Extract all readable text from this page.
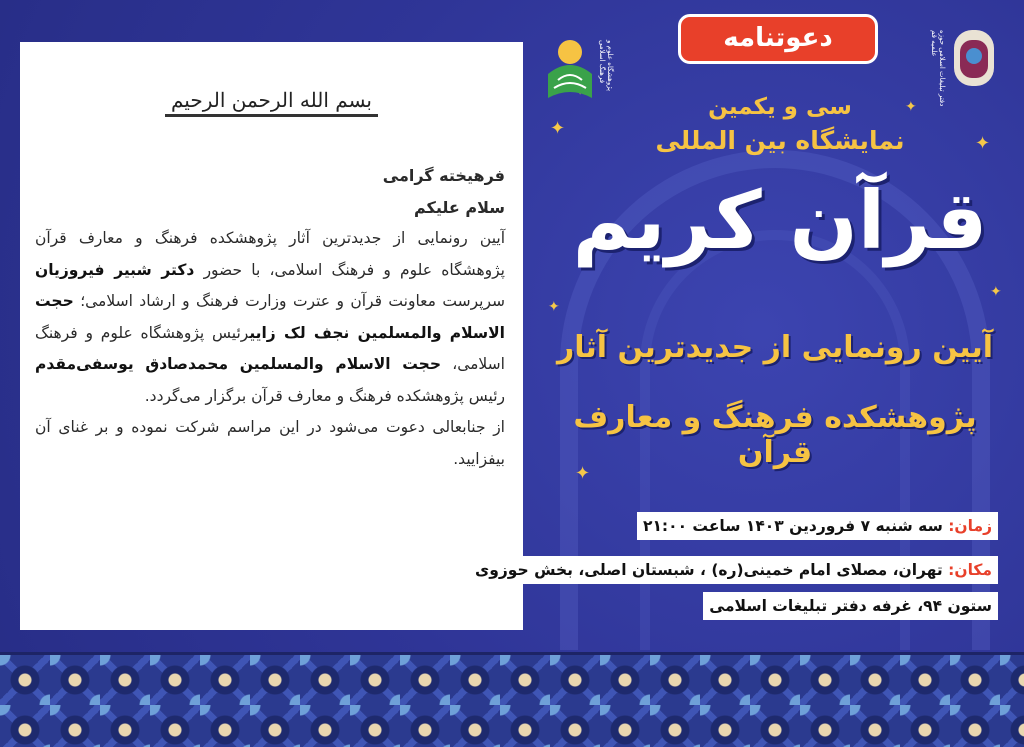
✦
✦
✦
✦
✦
✦
بسم الله الرحمن الرحیم
فرهیخته گرامی
سلام علیکم
آیین رونمایی از جدیدترین آثار پژوهشکده فرهنگ و معارف قرآن پژوهشگاه علوم و فرهنگ اسلامی، با حضور دکتر شبیر فیروزیان سرپرست معاونت قرآن و عترت وزارت فرهنگ و ارشاد اسلامی؛ حجت الاسلام والمسلمین نجف لک زاییرئیس پژوهشگاه علوم و فرهنگ اسلامی، حجت الاسلام والمسلمین محمدصادق یوسفی‌مقدم رئیس پژوهشکده فرهنگ و معارف قرآن برگزار می‌گردد.
از جنابعالی دعوت می‌شود در این مراسم شرکت نموده و بر غنای آن بیفزایید.
دعوتنامه
پژوهشگاه علوم و فرهنگ اسلامی	دفتر تبلیغات اسلامی حوزه علمیه قم
سی و یکمین
نمایشگاه بین المللی
قرآن کریم
آیین رونمایی از جدیدترین آثار
پژوهشکده فرهنگ و معارف قرآن
زمان: سه شنبه ۷ فروردین ۱۴۰۳ ساعت ۲۱:۰۰
مکان: تهران، مصلای امام خمینی(ره) ، شبستان اصلی، بخش حوزوی
ستون ۹۴، غرفه دفتر تبلیغات اسلامی
